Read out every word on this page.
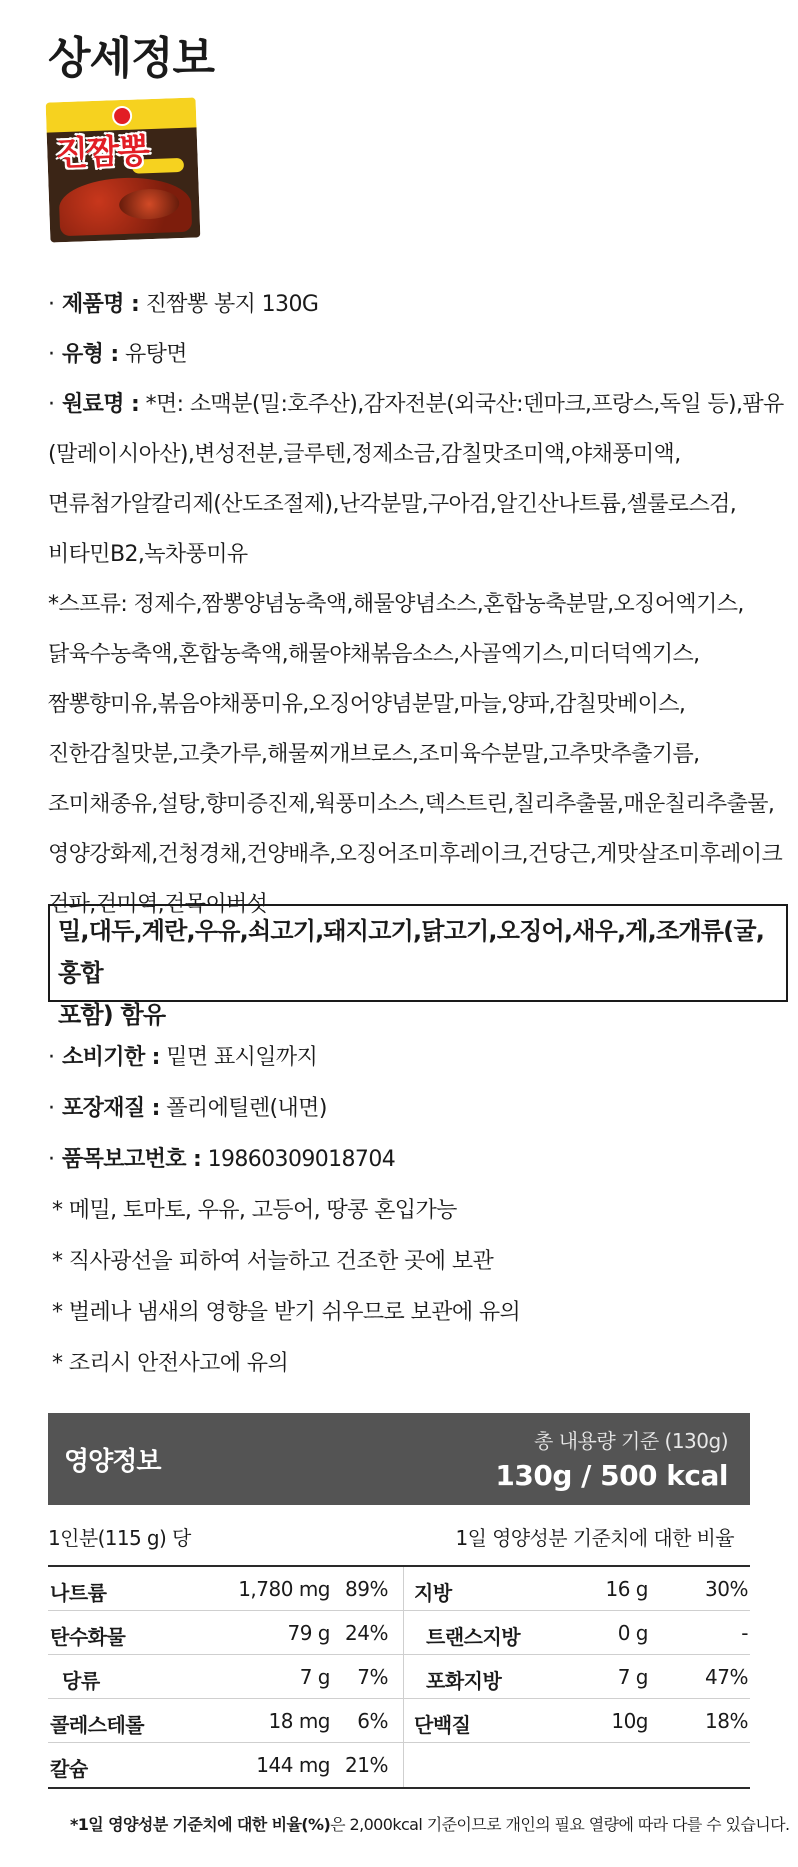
상세정보
진짬뽕
· 제품명 : 진짬뽕 봉지 130G
· 유형 : 유탕면
· 원료명 : *면: 소맥분(밀:호주산),감자전분(외국산:덴마크,프랑스,독일 등),팜유
(말레이시아산),변성전분,글루텐,정제소금,감칠맛조미액,야채풍미액,
면류첨가알칼리제(산도조절제),난각분말,구아검,알긴산나트륨,셀룰로스검,
비타민B2,녹차풍미유
*스프류: 정제수,짬뽕양념농축액,해물양념소스,혼합농축분말,오징어엑기스,
닭육수농축액,혼합농축액,해물야채볶음소스,사골엑기스,미더덕엑기스,
짬뽕향미유,볶음야채풍미유,오징어양념분말,마늘,양파,감칠맛베이스,
진한감칠맛분,고춧가루,해물찌개브로스,조미육수분말,고추맛추출기름,
조미채종유,설탕,향미증진제,웍풍미소스,덱스트린,칠리추출물,매운칠리추출물,
영양강화제,건청경채,건양배추,오징어조미후레이크,건당근,게맛살조미후레이크
건파,건미역,건목이버섯
밀,대두,계란,우유,쇠고기,돼지고기,닭고기,오징어,새우,게,조개류(굴,홍합
포함) 함유
· 소비기한 : 밑면 표시일까지
· 포장재질 : 폴리에틸렌(내면)
· 품목보고번호 : 19860309018704
* 메밀, 토마토, 우유, 고등어, 땅콩 혼입가능
* 직사광선을 피하여 서늘하고 건조한 곳에 보관
* 벌레나 냄새의 영향을 받기 쉬우므로 보관에 유의
* 조리시 안전사고에 유의
영양정보
총 내용량 기준 (130g)
130g / 500 kcal
1인분(115 g) 당	1일 영양성분 기준치에 대한 비율
나트륨	1,780 mg 89% 지방	16 g	30%
탄수화물	79 g 24% 트랜스지방	0 g	-
당류	7 g 7% 포화지방	7 g	47%
콜레스테롤	18 mg 6% 단백질	10g	18%
칼슘	144 mg 21%
*1일 영양성분 기준치에 대한 비율(%)은 2,000kcal 기준이므로 개인의 필요 열량에 따라 다를 수 있습니다.
